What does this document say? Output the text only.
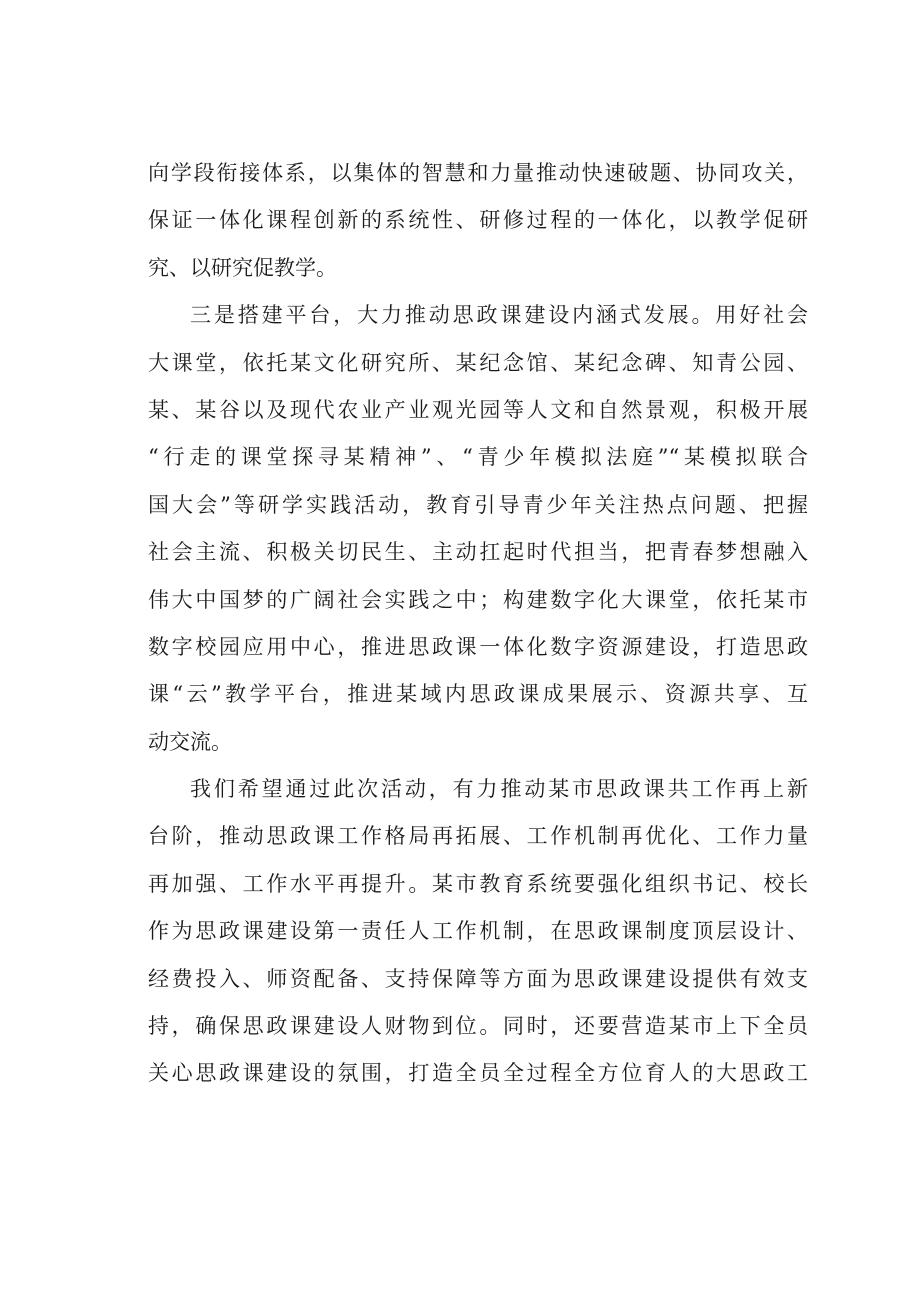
向学段衔接体系，以集体的智慧和力量推动快速破题、协同攻关，
保证一体化课程创新的系统性、研修过程的一体化，以教学促研
究、以研究促教学。
三是搭建平台，大力推动思政课建设内涵式发展。用好社会
大课堂，依托某文化研究所、某纪念馆、某纪念碑、知青公园、
某、某谷以及现代农业产业观光园等人文和自然景观，积极开展
“行走的课堂探寻某精神”、“青少年模拟法庭”“某模拟联合
国大会”等研学实践活动，教育引导青少年关注热点问题、把握
社会主流、积极关切民生、主动扛起时代担当，把青春梦想融入
伟大中国梦的广阔社会实践之中；构建数字化大课堂，依托某市
数字校园应用中心，推进思政课一体化数字资源建设，打造思政
课“云”教学平台，推进某域内思政课成果展示、资源共享、互
动交流。
我们希望通过此次活动，有力推动某市思政课共工作再上新
台阶，推动思政课工作格局再拓展、工作机制再优化、工作力量
再加强、工作水平再提升。某市教育系统要强化组织书记、校长
作为思政课建设第一责任人工作机制，在思政课制度顶层设计、
经费投入、师资配备、支持保障等方面为思政课建设提供有效支
持，确保思政课建设人财物到位。同时，还要营造某市上下全员
关心思政课建设的氛围，打造全员全过程全方位育人的大思政工
